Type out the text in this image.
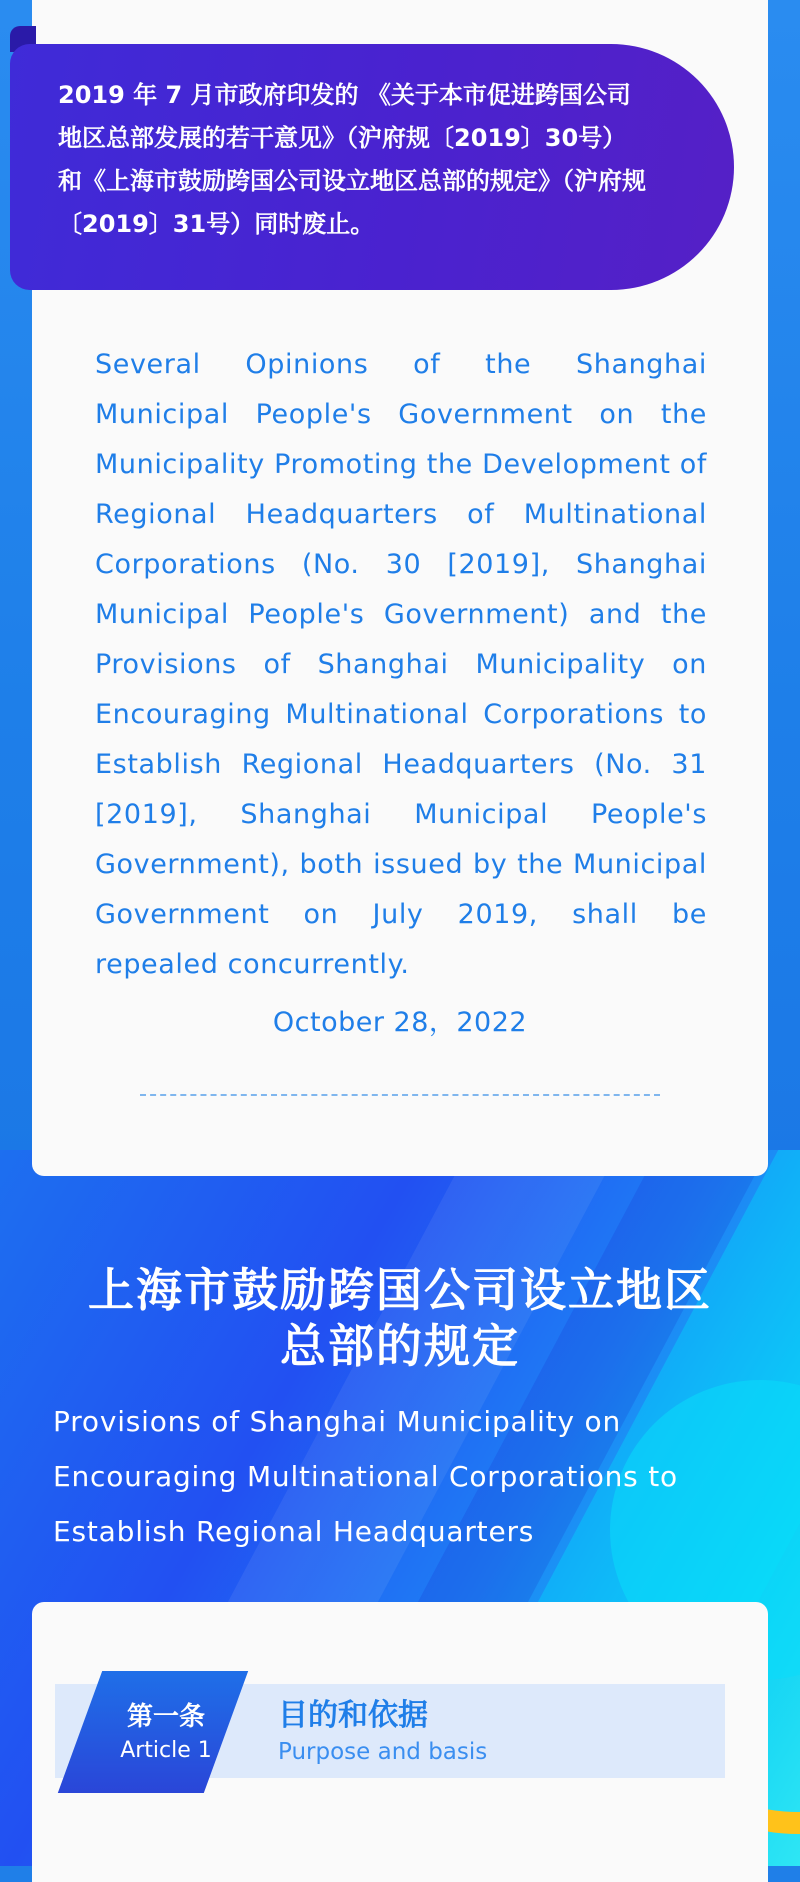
2019 年 7 月市政府印发的 《关于本市促进跨国公司地区总部发展的若干意见》（沪府规〔2019〕30号）和《上海市鼓励跨国公司设立地区总部的规定》（沪府规〔2019〕31号）同时废止。
Several Opinions of the Shanghai Municipal People's Government on the Municipality Promoting the Development of Regional Headquarters of Multinational Corporations (No. 30 [2019], Shanghai Municipal People's Government) and the Provisions of Shanghai Municipality on Encouraging Multinational Corporations to Establish Regional Headquarters (No. 31 [2019], Shanghai Municipal People's Government), both issued by the Municipal Government on July 2019, shall be repealed concurrently.
October 28，2022
上海市鼓励跨国公司设立地区
总部的规定
Provisions of Shanghai Municipality on Encouraging Multinational Corporations to Establish Regional Headquarters
第一条
Article 1
目的和依据
Purpose and basis
